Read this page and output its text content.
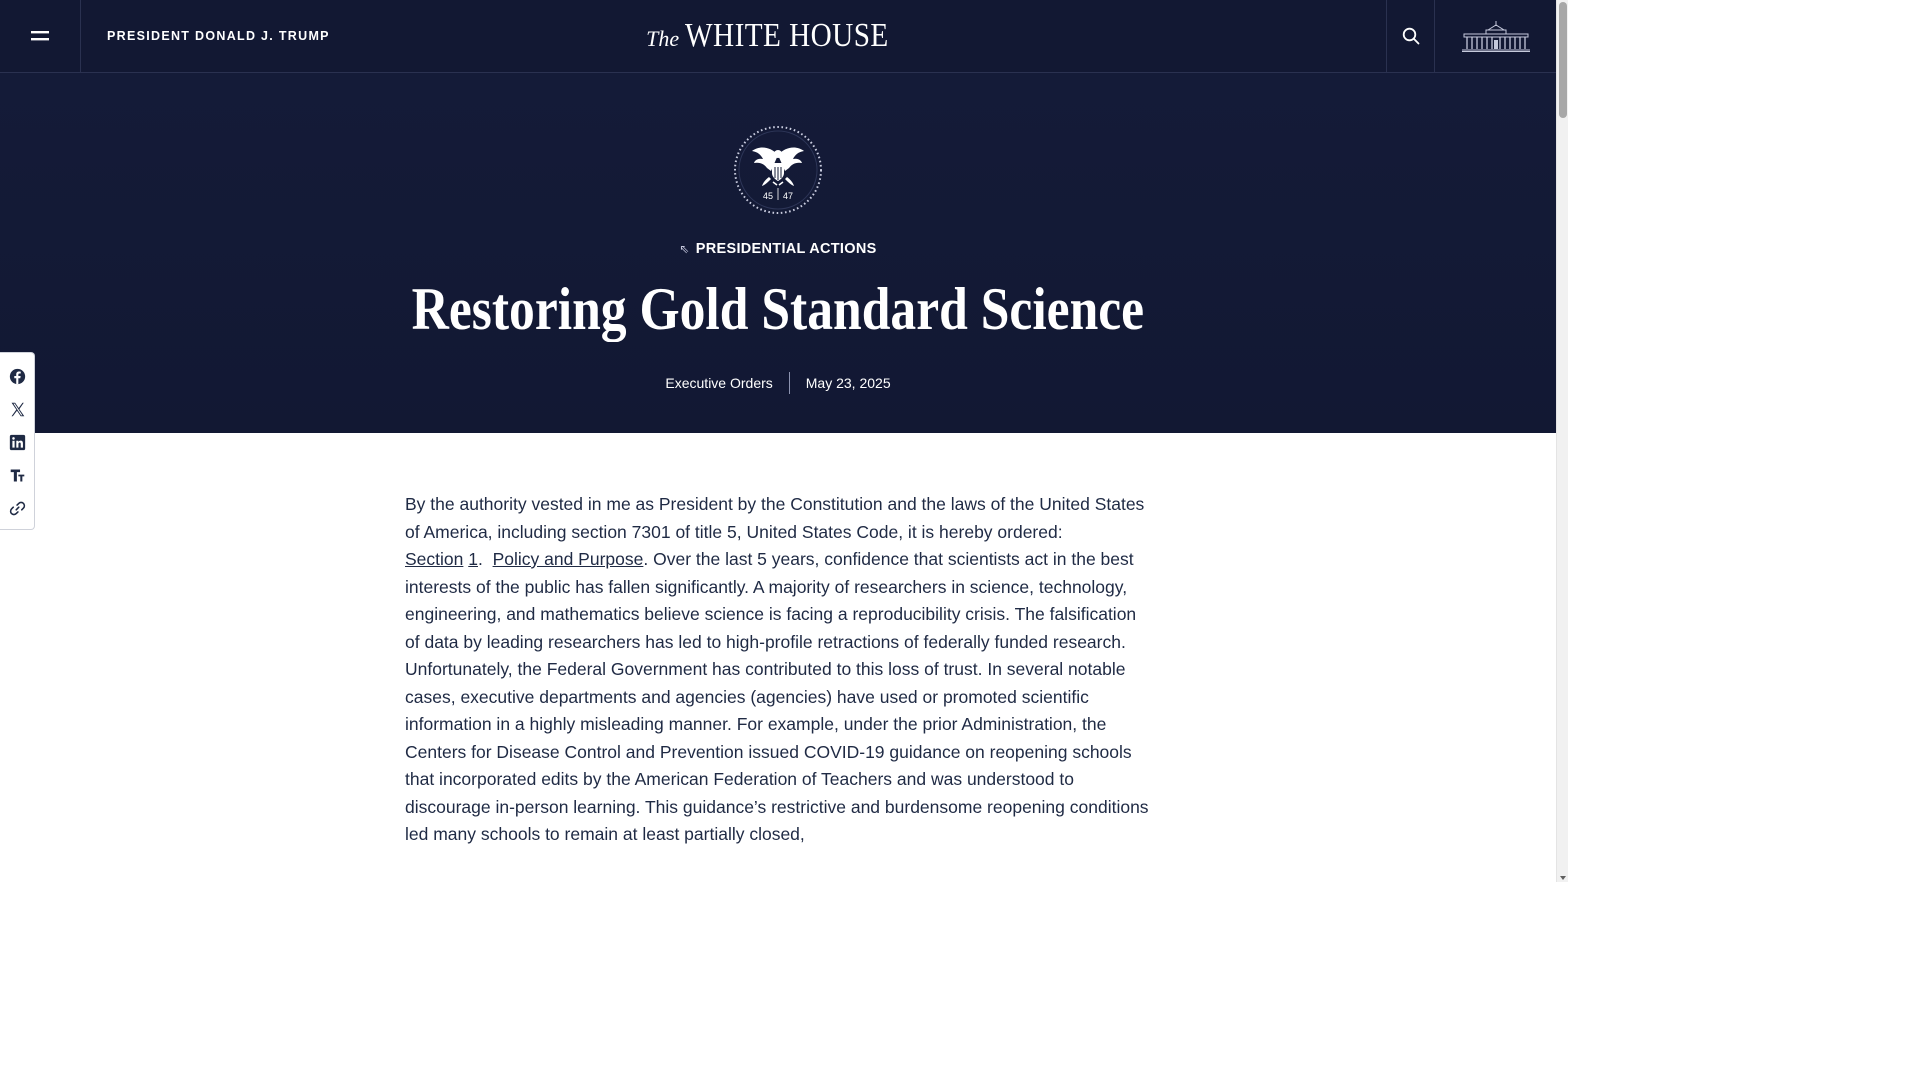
PRESIDENT DONALD J. TRUMP	The WHITE HOUSE
45 47
⇖ PRESIDENTIAL ACTIONS
Restoring Gold Standard Science
Executive Orders	May 23, 2025

By the authority vested in me as President by the Constitution and the laws of the United States of America, including section 7301 of title 5, United States Code, it is hereby ordered:

Section 1.  Policy and Purpose. Over the last 5 years, confidence that scientists act in the best interests of the public has fallen significantly. A majority of researchers in science, technology, engineering, and mathematics believe science is facing a reproducibility crisis. The falsification of data by leading researchers has led to high-profile retractions of federally funded research.

Unfortunately, the Federal Government has contributed to this loss of trust. In several notable cases, executive departments and agencies (agencies) have used or promoted scientific information in a highly misleading manner. For example, under the prior Administration, the Centers for Disease Control and Prevention issued COVID-19 guidance on reopening schools that incorporated edits by the American Federation of Teachers and was understood to discourage in-person learning. This guidance’s restrictive and burdensome reopening conditions led many schools to remain at least partially closed,
